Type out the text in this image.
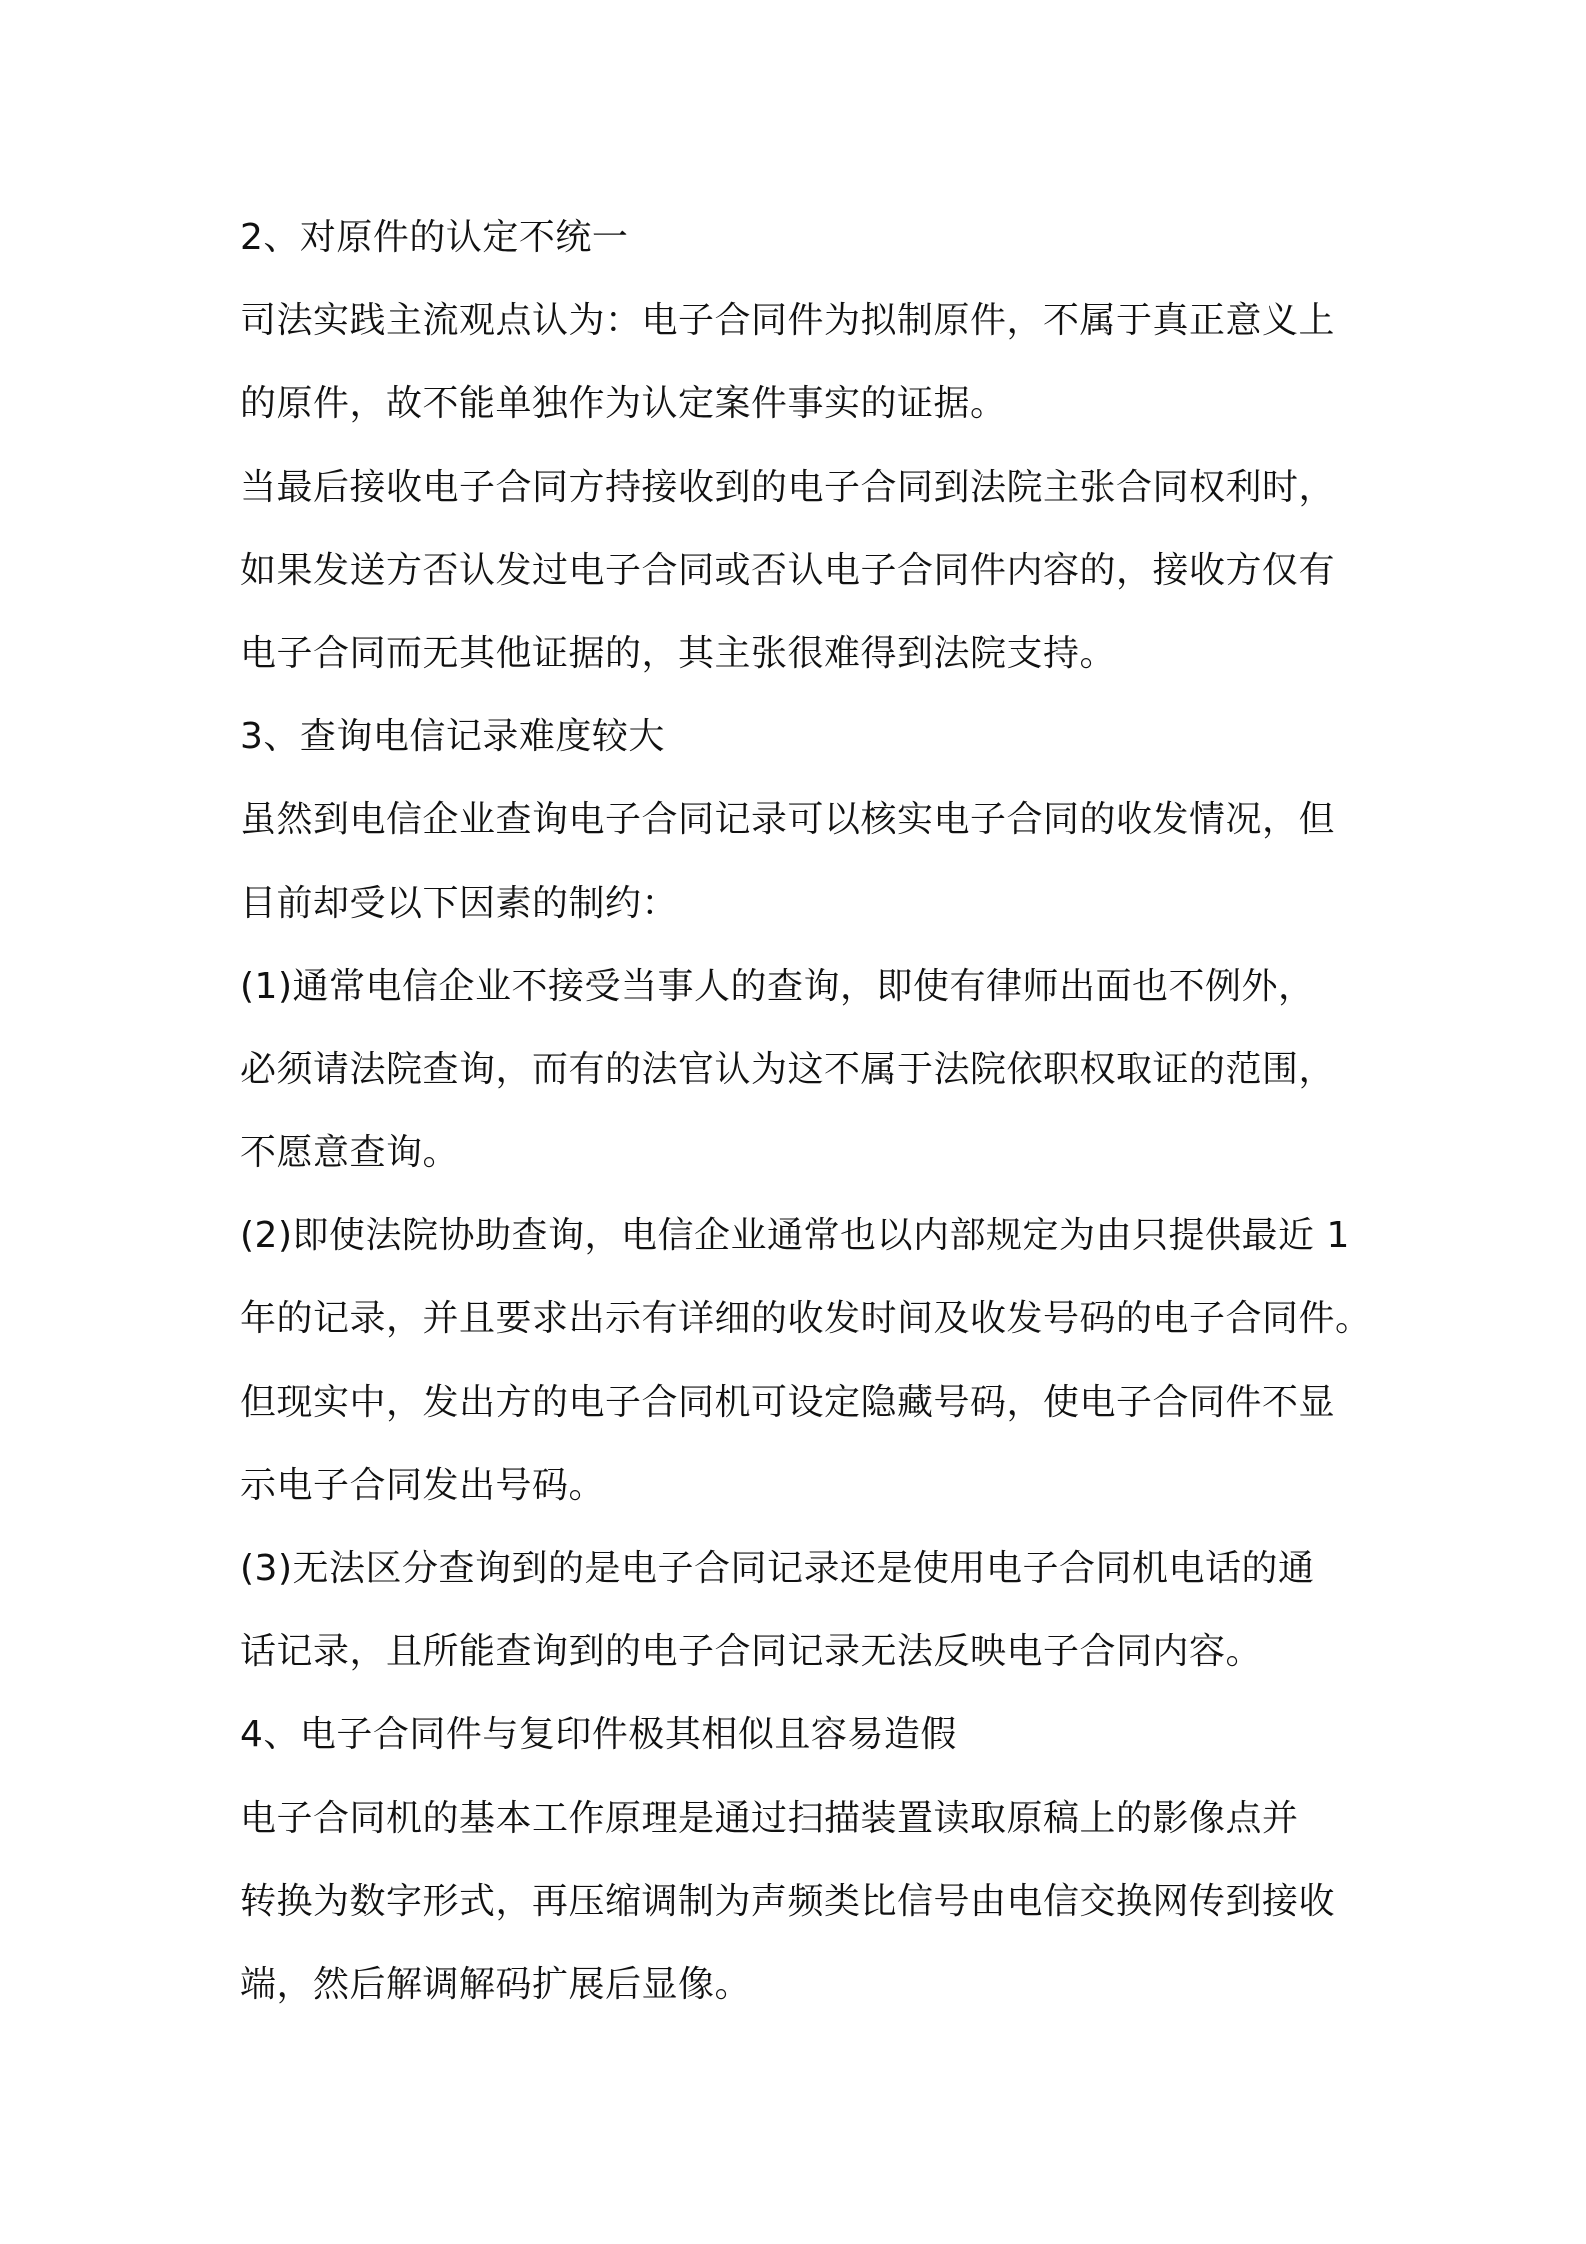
2、对原件的认定不统一
司法实践主流观点认为：电子合同件为拟制原件，不属于真正意义上
的原件，故不能单独作为认定案件事实的证据。
当最后接收电子合同方持接收到的电子合同到法院主张合同权利时，
如果发送方否认发过电子合同或否认电子合同件内容的，接收方仅有
电子合同而无其他证据的，其主张很难得到法院支持。
3、查询电信记录难度较大
虽然到电信企业查询电子合同记录可以核实电子合同的收发情况，但
目前却受以下因素的制约：
(1)通常电信企业不接受当事人的查询，即使有律师出面也不例外，
必须请法院查询，而有的法官认为这不属于法院依职权取证的范围，
不愿意查询。
(2)即使法院协助查询，电信企业通常也以内部规定为由只提供最近 1
年的记录，并且要求出示有详细的收发时间及收发号码的电子合同件。
但现实中，发出方的电子合同机可设定隐藏号码，使电子合同件不显
示电子合同发出号码。
(3)无法区分查询到的是电子合同记录还是使用电子合同机电话的通
话记录，且所能查询到的电子合同记录无法反映电子合同内容。
4、电子合同件与复印件极其相似且容易造假
电子合同机的基本工作原理是通过扫描装置读取原稿上的影像点并
转换为数字形式，再压缩调制为声频类比信号由电信交换网传到接收
端，然后解调解码扩展后显像。
